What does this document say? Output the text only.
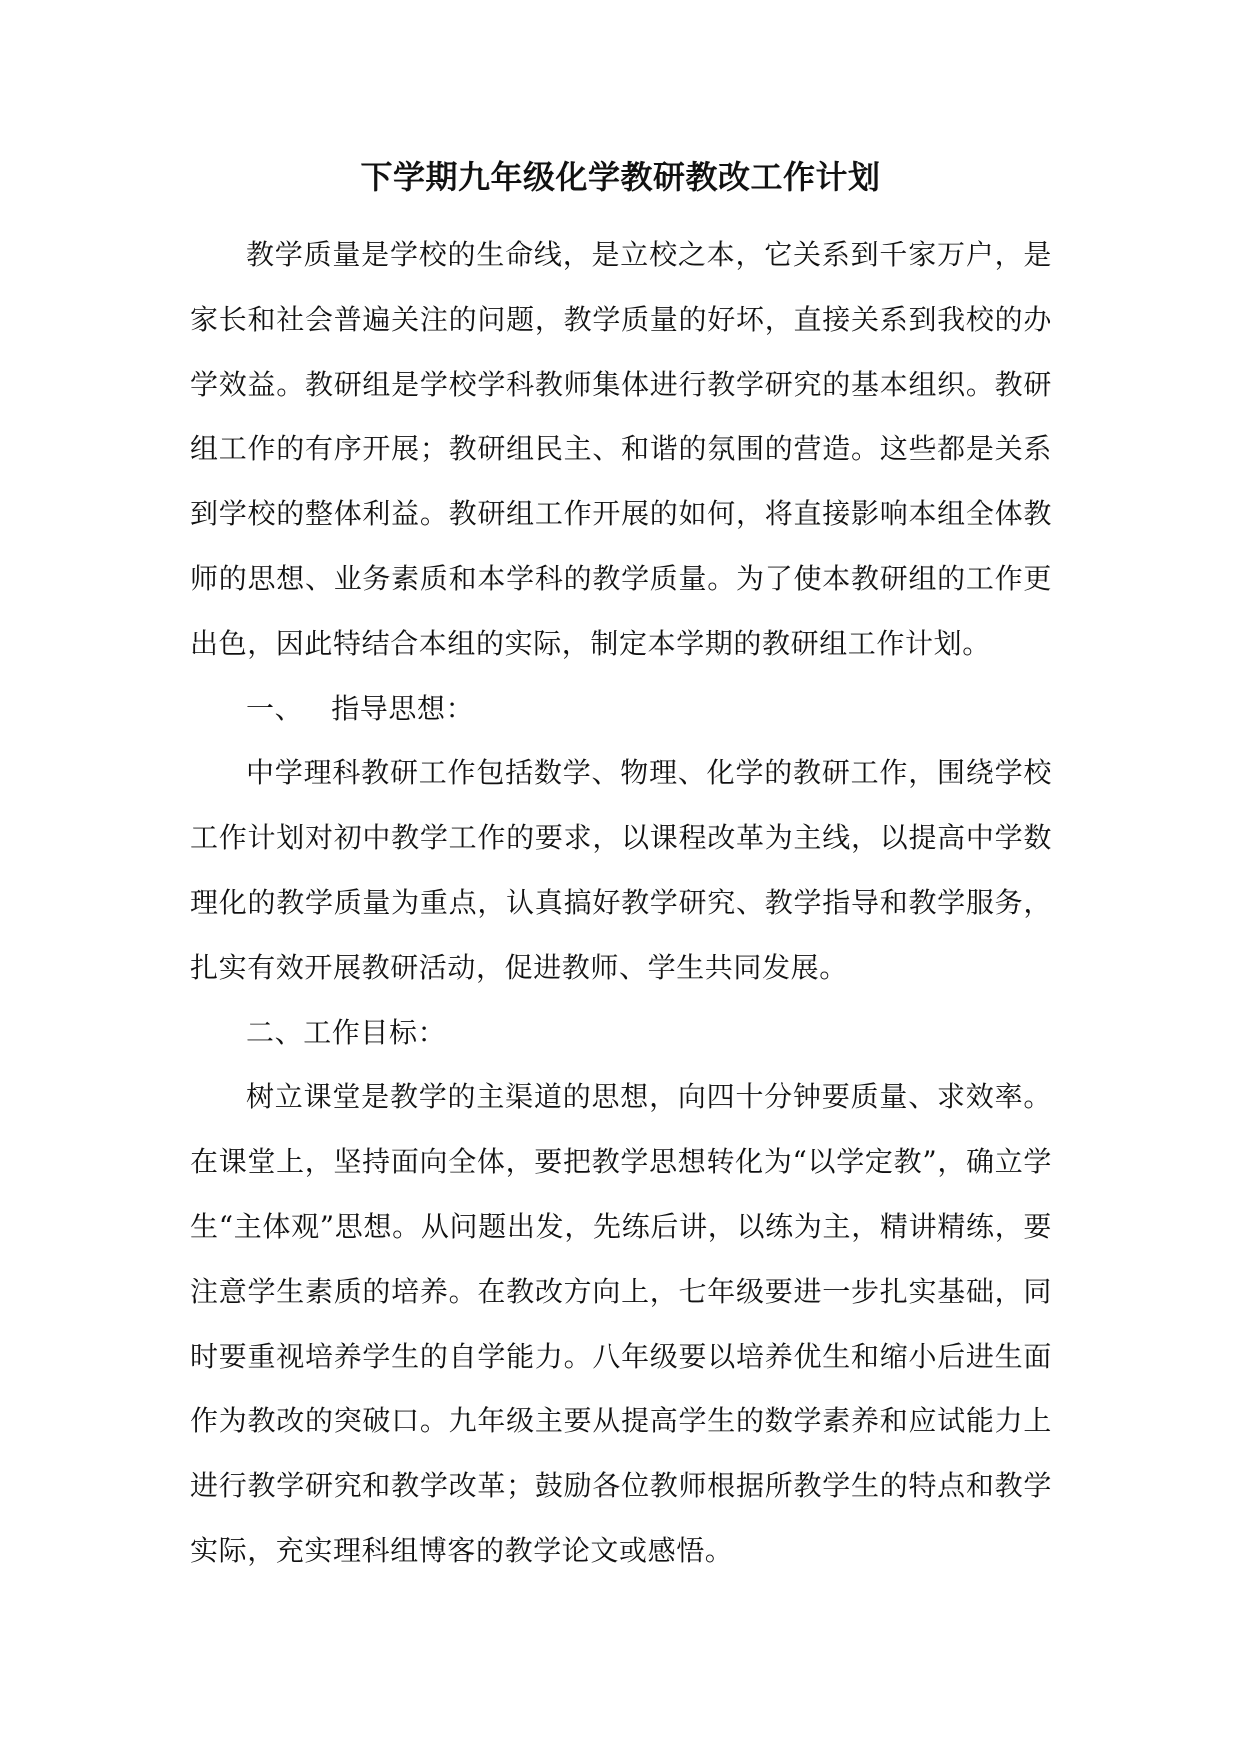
下学期九年级化学教研教改工作计划

教学质量是学校的生命线，是立校之本，它关系到千家万户，是家长和社会普遍关注的问题，教学质量的好坏，直接关系到我校的办学效益。教研组是学校学科教师集体进行教学研究的基本组织。教研组工作的有序开展；教研组民主、和谐的氛围的营造。这些都是关系到学校的整体利益。教研组工作开展的如何，将直接影响本组全体教师的思想、业务素质和本学科的教学质量。为了使本教研组的工作更出色，因此特结合本组的实际，制定本学期的教研组工作计划。

一、 指导思想：

中学理科教研工作包括数学、物理、化学的教研工作，围绕学校工作计划对初中教学工作的要求，以课程改革为主线，以提高中学数理化的教学质量为重点，认真搞好教学研究、教学指导和教学服务，扎实有效开展教研活动，促进教师、学生共同发展。

二、工作目标：

树立课堂是教学的主渠道的思想，向四十分钟要质量、求效率。在课堂上，坚持面向全体，要把教学思想转化为“以学定教”，确立学生“主体观”思想。从问题出发，先练后讲，以练为主，精讲精练，要注意学生素质的培养。在教改方向上，七年级要进一步扎实基础，同时要重视培养学生的自学能力。八年级要以培养优生和缩小后进生面作为教改的突破口。九年级主要从提高学生的数学素养和应试能力上进行教学研究和教学改革；鼓励各位教师根据所教学生的特点和教学实际，充实理科组博客的教学论文或感悟。
